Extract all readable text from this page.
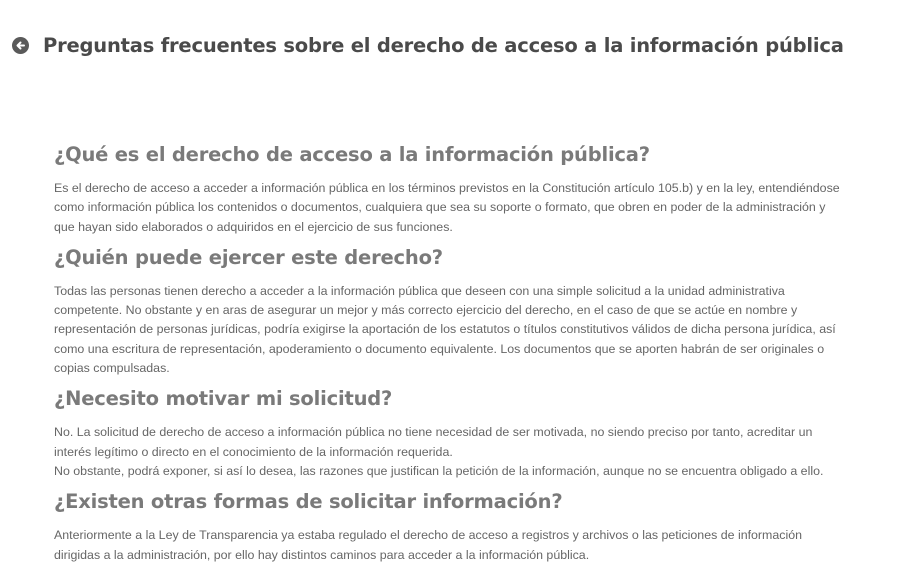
Preguntas frecuentes sobre el derecho de acceso a la información pública
¿Qué es el derecho de acceso a la información pública?

Es el derecho de acceso a acceder a información pública en los términos previstos en la Constitución artículo 105.b) y en la ley, entendiéndose como información pública los contenidos o documentos, cualquiera que sea su soporte o formato, que obren en poder de la administración y que hayan sido elaborados o adquiridos en el ejercicio de sus funciones.

¿Quién puede ejercer este derecho?

Todas las personas tienen derecho a acceder a la información pública que deseen con una simple solicitud a la unidad administrativa competente. No obstante y en aras de asegurar un mejor y más correcto ejercicio del derecho, en el caso de que se actúe en nombre y representación de personas jurídicas, podría exigirse la aportación de los estatutos o títulos constitutivos válidos de dicha persona jurídica, así como una escritura de representación, apoderamiento o documento equivalente. Los documentos que se aporten habrán de ser originales o copias compulsadas.

¿Necesito motivar mi solicitud?

No. La solicitud de derecho de acceso a información pública no tiene necesidad de ser motivada, no siendo preciso por tanto, acreditar un interés legítimo o directo en el conocimiento de la información requerida.

No obstante, podrá exponer, si así lo desea, las razones que justifican la petición de la información, aunque no se encuentra obligado a ello.

¿Existen otras formas de solicitar información?

Anteriormente a la Ley de Transparencia ya estaba regulado el derecho de acceso a registros y archivos o las peticiones de información dirigidas a la administración, por ello hay distintos caminos para acceder a la información pública.
